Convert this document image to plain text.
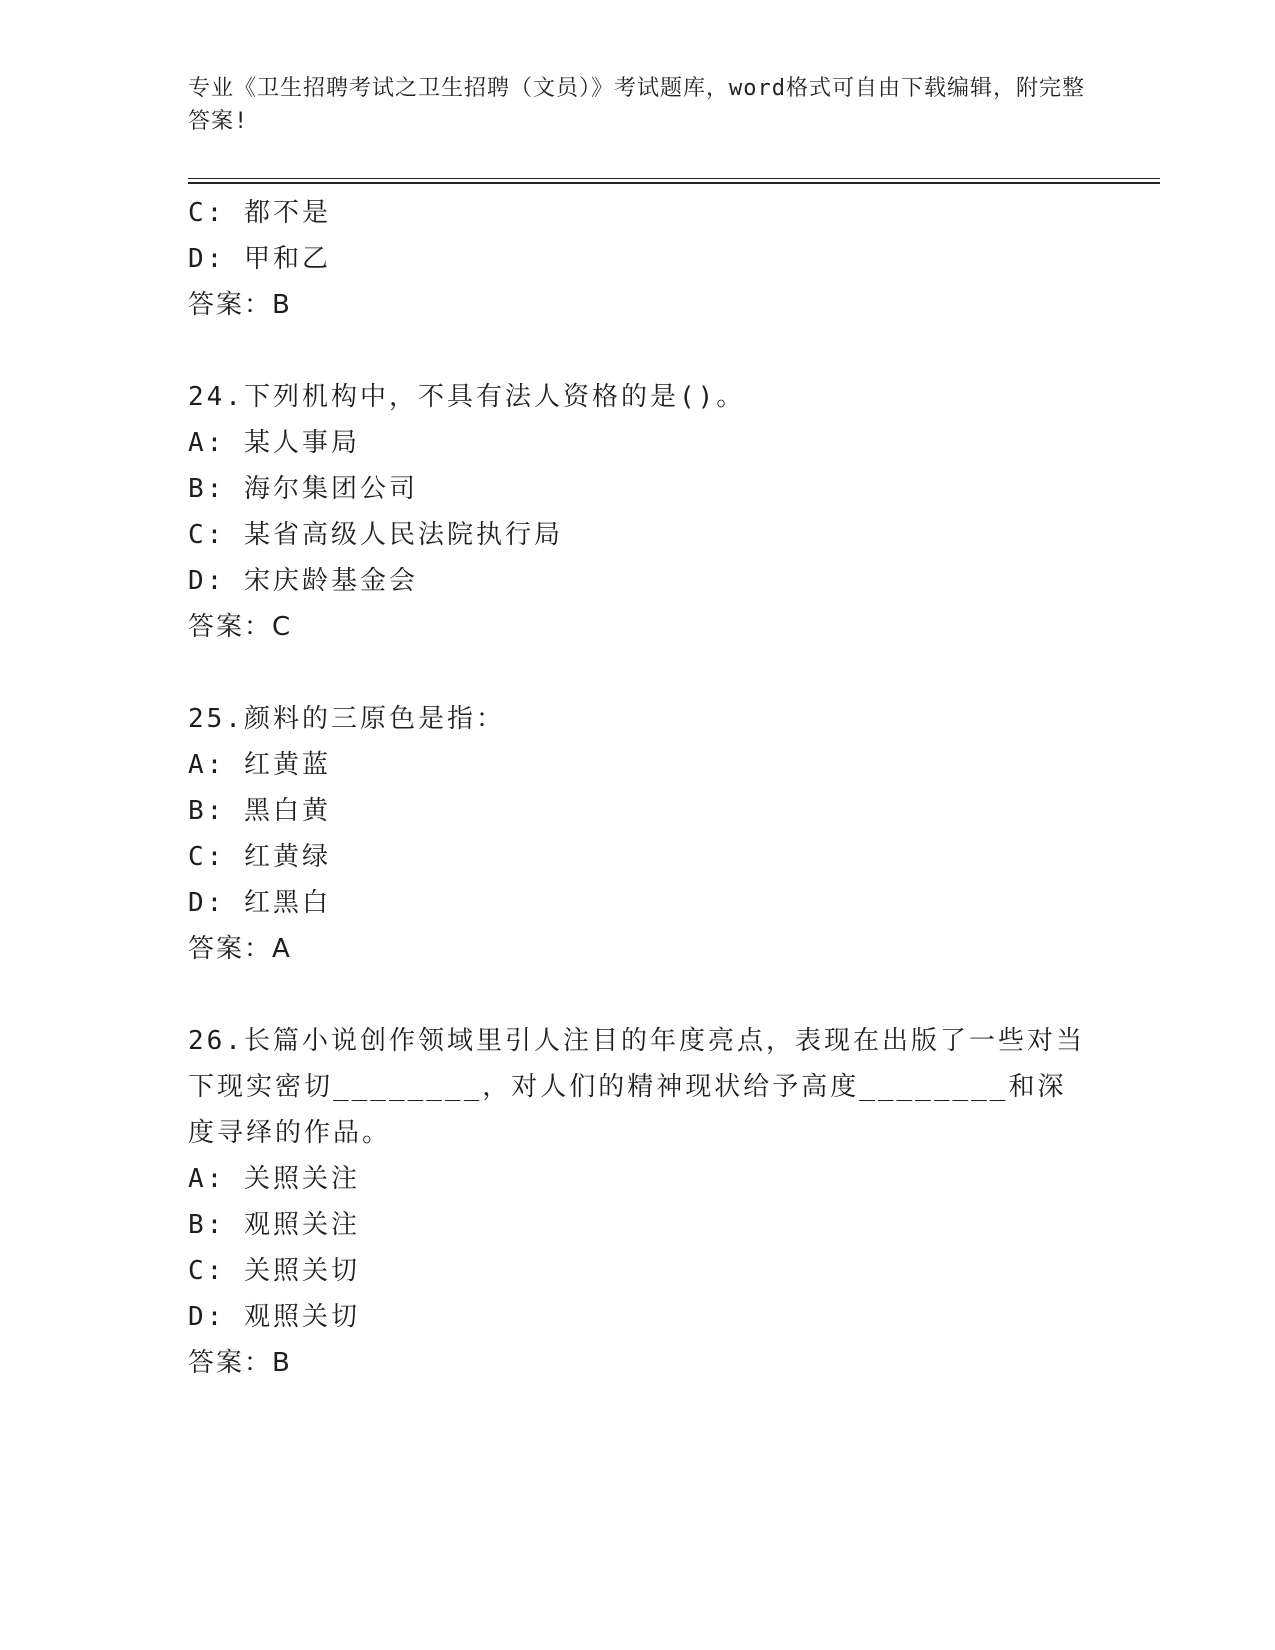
专业《卫生招聘考试之卫生招聘（文员）》考试题库，word格式可自由下载编辑，附完整答案!
C: 都不是
D: 甲和乙
答案：B
24.下列机构中，不具有法人资格的是()。
A: 某人事局
B: 海尔集团公司
C: 某省高级人民法院执行局
D: 宋庆龄基金会
答案：C
25.颜料的三原色是指：
A: 红黄蓝
B: 黑白黄
C: 红黄绿
D: 红黑白
答案：A
26.长篇小说创作领域里引人注目的年度亮点，表现在出版了一些对当下现实密切________，对人们的精神现状给予高度________和深度寻绎的作品。
A: 关照关注
B: 观照关注
C: 关照关切
D: 观照关切
答案：B
